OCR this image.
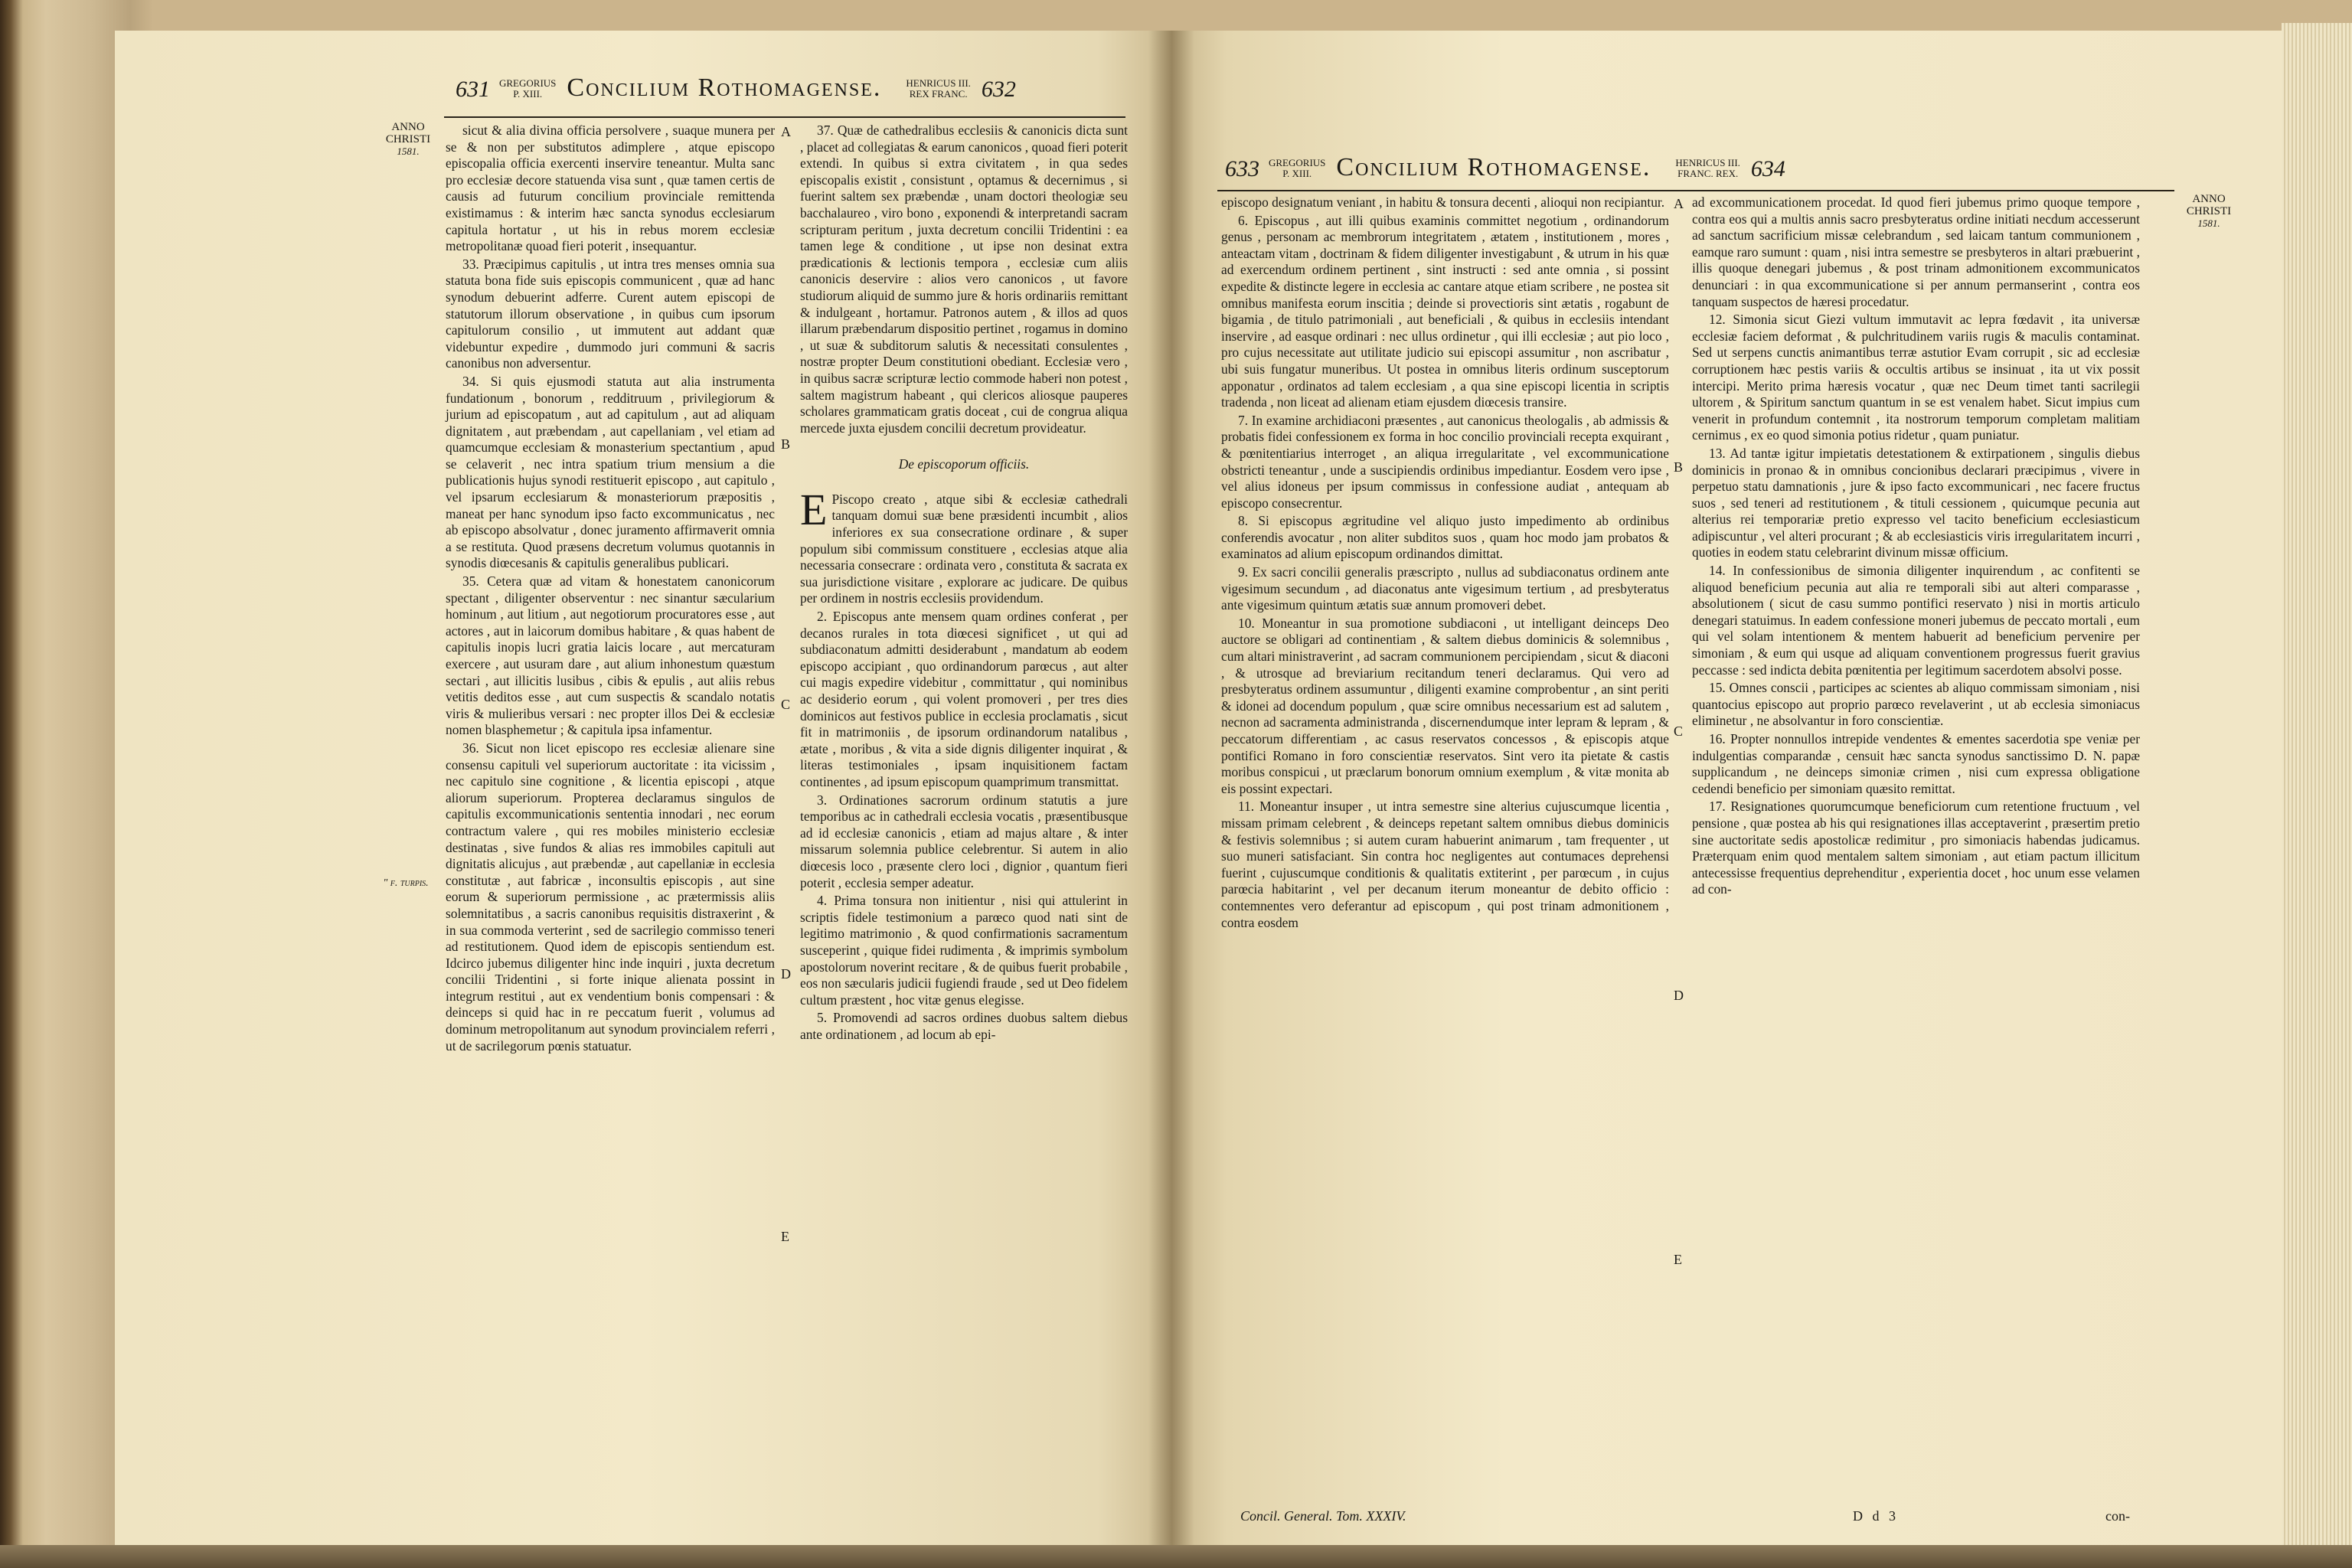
631 GREGORIUS
P. XIII. Concilium Rothomagense. HENRICUS III.
REX FRANC. 632
ANNO
CHRISTI
1581.
" f. turpis.

sicut & alia divina officia persolvere , suaque munera per se & non per substitutos adimplere , atque episcopo episcopalia officia exercenti inservire teneantur. Multa sanc pro ecclesiæ decore statuenda visa sunt , quæ tamen certis de causis ad futurum concilium provinciale remittenda existimamus : & interim hæc sancta synodus ecclesiarum capitula hortatur , ut his in rebus morem ecclesiæ metropolitanæ quoad fieri poterit , insequantur.

33. Præcipimus capitulis , ut intra tres menses omnia sua statuta bona fide suis episcopis communicent , quæ ad hanc synodum debuerint adferre. Curent autem episcopi de statutorum illorum observatione , in quibus cum ipsorum capitulorum consilio , ut immutent aut addant quæ videbuntur expedire , dummodo juri communi & sacris canonibus non adversentur.

34. Si quis ejusmodi statuta aut alia instrumenta fundationum , bonorum , redditruum , privilegiorum & jurium ad episcopatum , aut ad capitulum , aut ad aliquam dignitatem , aut præbendam , aut capellaniam , vel etiam ad quamcumque ecclesiam & monasterium spectantium , apud se celaverit , nec intra spatium trium mensium a die publicationis hujus synodi restituerit episcopo , aut capitulo , vel ipsarum ecclesiarum & monasteriorum præpositis , maneat per hanc synodum ipso facto excommunicatus , nec ab episcopo absolvatur , donec juramento affirmaverit omnia a se restituta. Quod præsens decretum volumus quotannis in synodis diœcesanis & capitulis generalibus publicari.

35. Cetera quæ ad vitam & honestatem canonicorum spectant , diligenter observentur : nec sinantur sæcularium hominum , aut litium , aut negotiorum procuratores esse , aut actores , aut in laicorum domibus habitare , & quas habent de capitulis inopis lucri gratia laicis locare , aut mercaturam exercere , aut usuram dare , aut alium inhonestum quæstum sectari , aut illicitis lusibus , cibis & epulis , aut aliis rebus vetitis deditos esse , aut cum suspectis & scandalo notatis viris & mulieribus versari : nec propter illos Dei & ecclesiæ nomen blasphemetur ; & capitula ipsa infamentur.

36. Sicut non licet episcopo res ecclesiæ alienare sine consensu capituli vel superiorum auctoritate : ita vicissim , nec capitulo sine cognitione , & licentia episcopi , atque aliorum superiorum. Propterea declaramus singulos de capitulis excommunicationis sententia innodari , nec eorum contractum valere , qui res mobiles ministerio ecclesiæ destinatas , sive fundos & alias res immobiles capituli aut dignitatis alicujus , aut præbendæ , aut capellaniæ in ecclesia constitutæ , aut fabricæ , inconsultis episcopis , aut sine eorum & superiorum permissione , ac prætermissis aliis solemnitatibus , a sacris canonibus requisitis distraxerint , & in sua commoda verterint , sed de sacrilegio commisso teneri ad restitutionem. Quod idem de episcopis sentiendum est. Idcirco jubemus diligenter hinc inde inquiri , juxta decretum concilii Tridentini , si forte inique alienata possint in integrum restitui , aut ex vendentium bonis compensari : & deinceps si quid hac in re peccatum fuerit , volumus ad dominum metropolitanum aut synodum provincialem referri , ut de sacrilegorum pœnis statuatur.

A
B
C
D
E

37. Quæ de cathedralibus ecclesiis & canonicis dicta sunt , placet ad collegiatas & earum canonicos , quoad fieri poterit extendi. In quibus si extra civitatem , in qua sedes episcopalis existit , consistunt , optamus & decernimus , si fuerint saltem sex præbendæ , unam doctori theologiæ seu bacchalaureo , viro bono , exponendi & interpretandi sacram scripturam peritum , juxta decretum concilii Tridentini : ea tamen lege & conditione , ut ipse non desinat extra prædicationis & lectionis tempora , ecclesiæ cum aliis canonicis deservire : alios vero canonicos , ut favore studiorum aliquid de summo jure & horis ordinariis remittant & indulgeant , hortamur. Patronos autem , & illos ad quos illarum præbendarum dispositio pertinet , rogamus in domino , ut suæ & subditorum salutis & necessitati consulentes , nostræ propter Deum constitutioni obediant. Ecclesiæ vero , in quibus sacræ scripturæ lectio commode haberi non potest , saltem magistrum habeant , qui clericos aliosque pauperes scholares grammaticam gratis doceat , cui de congrua aliqua mercede juxta ejusdem concilii decretum provideatur.

De episcoporum officiis.

E Piscopo creato , atque sibi & ecclesiæ cathedrali tanquam domui suæ bene præsidenti incumbit , alios inferiores ex sua consecratione ordinare , & super populum sibi commissum constituere , ecclesias atque alia necessaria consecrare : ordinata vero , constituta & sacrata ex sua jurisdictione visitare , explorare ac judicare. De quibus per ordinem in nostris ecclesiis providendum.

2. Episcopus ante mensem quam ordines conferat , per decanos rurales in tota diœcesi significet , ut qui ad subdiaconatum admitti desiderabunt , mandatum ab eodem episcopo accipiant , quo ordinandorum parœcus , aut alter cui magis expedire videbitur , committatur , qui nominibus ac desiderio eorum , qui volent promoveri , per tres dies dominicos aut festivos publice in ecclesia proclamatis , sicut fit in matrimoniis , de ipsorum ordinandorum natalibus , ætate , moribus , & vita a side dignis diligenter inquirat , & literas testimoniales , ipsam inquisitionem factam continentes , ad ipsum episcopum quamprimum transmittat.

3. Ordinationes sacrorum ordinum statutis a jure temporibus ac in cathedrali ecclesia vocatis , præsentibusque ad id ecclesiæ canonicis , etiam ad majus altare , & inter missarum solemnia publice celebrentur. Si autem in alio diœcesis loco , præsente clero loci , dignior , quantum fieri poterit , ecclesia semper adeatur.

4. Prima tonsura non initientur , nisi qui attulerint in scriptis fidele testimonium a parœco quod nati sint de legitimo matrimonio , & quod confirmationis sacramentum susceperint , quique fidei rudimenta , & imprimis symbolum apostolorum noverint recitare , & de quibus fuerit probabile , eos non sæcularis judicii fugiendi fraude , sed ut Deo fidelem cultum præstent , hoc vitæ genus elegisse.

5. Promovendi ad sacros ordines duobus saltem diebus ante ordinationem , ad locum ab epi-

633 GREGORIUS
P. XIII. Concilium Rothomagense. HENRICUS III.
FRANC. REX. 634
ANNO
CHRISTI
1581.

episcopo designatum veniant , in habitu & tonsura decenti , alioqui non recipiantur.

6. Episcopus , aut illi quibus examinis committet negotium , ordinandorum genus , personam ac membrorum integritatem , ætatem , institutionem , mores , anteactam vitam , doctrinam & fidem diligenter investigabunt , & utrum in his quæ ad exercendum ordinem pertinent , sint instructi : sed ante omnia , si possint expedite & distincte legere in ecclesia ac cantare atque etiam scribere , ne postea sit omnibus manifesta eorum inscitia ; deinde si provectioris sint ætatis , rogabunt de bigamia , de titulo patrimoniali , aut beneficiali , & quibus in ecclesiis intendant inservire , ad easque ordinari : nec ullus ordinetur , qui illi ecclesiæ ; aut pio loco , pro cujus necessitate aut utilitate judicio sui episcopi assumitur , non ascribatur , ubi suis fungatur muneribus. Ut postea in omnibus literis ordinum susceptorum apponatur , ordinatos ad talem ecclesiam , a qua sine episcopi licentia in scriptis tradenda , non liceat ad alienam etiam ejusdem diœcesis transire.

7. In examine archidiaconi præsentes , aut canonicus theologalis , ab admissis & probatis fidei confessionem ex forma in hoc concilio provinciali recepta exquirant , & pœnitentiarius interroget , an aliqua irregularitate , vel excommunicatione obstricti teneantur , unde a suscipiendis ordinibus impediantur. Eosdem vero ipse , vel alius idoneus per ipsum commissus in confessione audiat , antequam ab episcopo consecrentur.

8. Si episcopus ægritudine vel aliquo justo impedimento ab ordinibus conferendis avocatur , non aliter subditos suos , quam hoc modo jam probatos & examinatos ad alium episcopum ordinandos dimittat.

9. Ex sacri concilii generalis præscripto , nullus ad subdiaconatus ordinem ante vigesimum secundum , ad diaconatus ante vigesimum tertium , ad presbyteratus ante vigesimum quintum ætatis suæ annum promoveri debet.

10. Moneantur in sua promotione subdiaconi , ut intelligant deinceps Deo auctore se obligari ad continentiam , & saltem diebus dominicis & solemnibus , cum altari ministraverint , ad sacram communionem percipiendam , sicut & diaconi , & utrosque ad breviarium recitandum teneri declaramus. Qui vero ad presbyteratus ordinem assumuntur , diligenti examine comprobentur , an sint periti & idonei ad docendum populum , quæ scire omnibus necessarium est ad salutem , necnon ad sacramenta administranda , discernendumque inter lepram & lepram , & peccatorum differentiam , ac casus reservatos concessos , & episcopis atque pontifici Romano in foro conscientiæ reservatos. Sint vero ita pietate & castis moribus conspicui , ut præclarum bonorum omnium exemplum , & vitæ monita ab eis possint expectari.

11. Moneantur insuper , ut intra semestre sine alterius cujuscumque licentia , missam primam celebrent , & deinceps repetant saltem omnibus diebus dominicis & festivis solemnibus ; si autem curam habuerint animarum , tam frequenter , ut suo muneri satisfaciant. Sin contra hoc negligentes aut contumaces deprehensi fuerint , cujuscumque conditionis & qualitatis extiterint , per parœcum , in cujus parœcia habitarint , vel per decanum iterum moneantur de debito officio : contemnentes vero deferantur ad episcopum , qui post trinam admonitionem , contra eosdem

A
B
C
D
E

ad excommunicationem procedat. Id quod fieri jubemus primo quoque tempore , contra eos qui a multis annis sacro presbyteratus ordine initiati necdum accesserunt ad sanctum sacrificium missæ celebrandum , sed laicam tantum communionem , eamque raro sumunt : quam , nisi intra semestre se presbyteros in altari præbuerint , illis quoque denegari jubemus , & post trinam admonitionem excommunicatos denunciari : in qua excommunicatione si per annum permanserint , contra eos tanquam suspectos de hæresi procedatur.

12. Simonia sicut Giezi vultum immutavit ac lepra fœdavit , ita universæ ecclesiæ faciem deformat , & pulchritudinem variis rugis & maculis contaminat. Sed ut serpens cunctis animantibus terræ astutior Evam corrupit , sic ad ecclesiæ corruptionem hæc pestis variis & occultis artibus se insinuat , ita ut vix possit intercipi. Merito prima hæresis vocatur , quæ nec Deum timet tanti sacrilegii ultorem , & Spiritum sanctum quantum in se est venalem habet. Sicut impius cum venerit in profundum contemnit , ita nostrorum temporum completam malitiam cernimus , ex eo quod simonia potius ridetur , quam puniatur.

13. Ad tantæ igitur impietatis detestationem & extirpationem , singulis diebus dominicis in pronao & in omnibus concionibus declarari præcipimus , vivere in perpetuo statu damnationis , jure & ipso facto excommunicari , nec facere fructus suos , sed teneri ad restitutionem , & tituli cessionem , quicumque pecunia aut alterius rei temporariæ pretio expresso vel tacito beneficium ecclesiasticum adipiscuntur , vel alteri procurant ; & ab ecclesiasticis viris irregularitatem incurri , quoties in eodem statu celebrarint divinum missæ officium.

14. In confessionibus de simonia diligenter inquirendum , ac confitenti se aliquod beneficium pecunia aut alia re temporali sibi aut alteri comparasse , absolutionem ( sicut de casu summo pontifici reservato ) nisi in mortis articulo denegari statuimus. In eadem confessione moneri jubemus de peccato mortali , eum qui vel solam intentionem & mentem habuerit ad beneficium pervenire per simoniam , & eum qui usque ad aliquam conventionem progressus fuerit gravius peccasse : sed indicta debita pœnitentia per legitimum sacerdotem absolvi posse.

15. Omnes conscii , participes ac scientes ab aliquo commissam simoniam , nisi quantocius episcopo aut proprio parœco revelaverint , ut ab ecclesia simoniacus eliminetur , ne absolvantur in foro conscientiæ.

16. Propter nonnullos intrepide vendentes & ementes sacerdotia spe veniæ per indulgentias comparandæ , censuit hæc sancta synodus sanctissimo D. N. papæ supplicandum , ne deinceps simoniæ crimen , nisi cum expressa obligatione cedendi beneficio per simoniam quæsito remittat.

17. Resignationes quorumcumque beneficiorum cum retentione fructuum , vel pensione , quæ postea ab his qui resignationes illas acceptaverint , præsertim pretio sine auctoritate sedis apostolicæ redimitur , pro simoniacis habendas judicamus. Præterquam enim quod mentalem saltem simoniam , aut etiam pactum illicitum antecessisse frequentius deprehenditur , experientia docet , hoc unum esse velamen ad con-

Concil. General. Tom. XXXIV.	D d 3	con-
